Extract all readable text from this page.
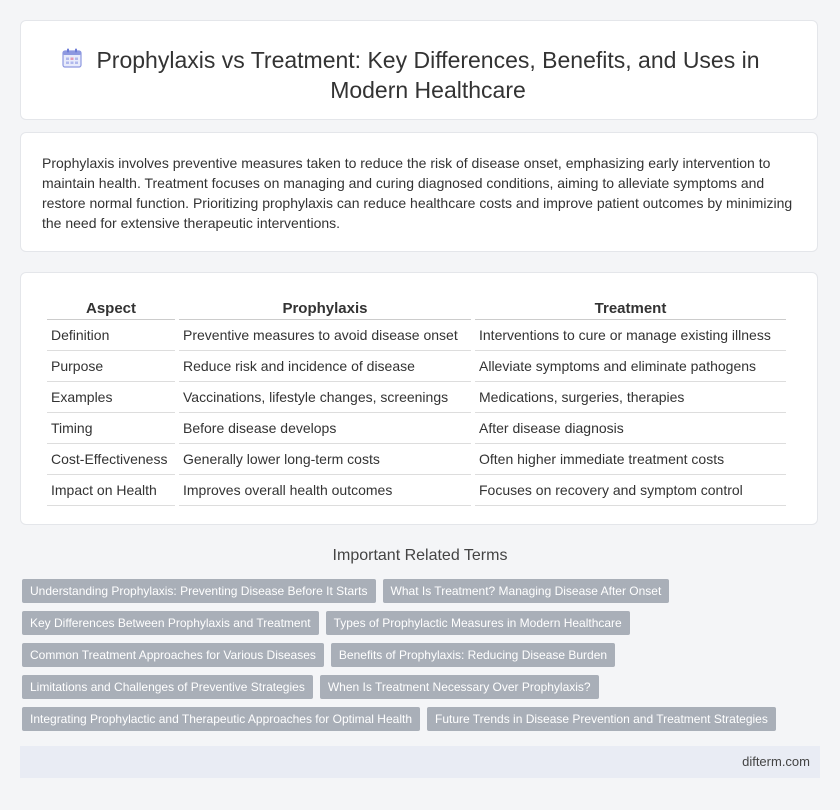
Prophylaxis vs Treatment: Key Differences, Benefits, and Uses in Modern Healthcare

Prophylaxis involves preventive measures taken to reduce the risk of disease onset, emphasizing early intervention to maintain health. Treatment focuses on managing and curing diagnosed conditions, aiming to alleviate symptoms and restore normal function. Prioritizing prophylaxis can reduce healthcare costs and improve patient outcomes by minimizing the need for extensive therapeutic interventions.

Aspect	Prophylaxis	Treatment
Definition	Preventive measures to avoid disease onset	Interventions to cure or manage existing illness
Purpose	Reduce risk and incidence of disease	Alleviate symptoms and eliminate pathogens
Examples	Vaccinations, lifestyle changes, screenings	Medications, surgeries, therapies
Timing	Before disease develops	After disease diagnosis
Cost-Effectiveness	Generally lower long-term costs	Often higher immediate treatment costs
Impact on Health	Improves overall health outcomes	Focuses on recovery and symptom control
Important Related Terms
Understanding Prophylaxis: Preventing Disease Before It Starts	What Is Treatment? Managing Disease After Onset
Key Differences Between Prophylaxis and Treatment	Types of Prophylactic Measures in Modern Healthcare
Common Treatment Approaches for Various Diseases	Benefits of Prophylaxis: Reducing Disease Burden
Limitations and Challenges of Preventive Strategies	When Is Treatment Necessary Over Prophylaxis?
Integrating Prophylactic and Therapeutic Approaches for Optimal Health	Future Trends in Disease Prevention and Treatment Strategies
difterm.com
